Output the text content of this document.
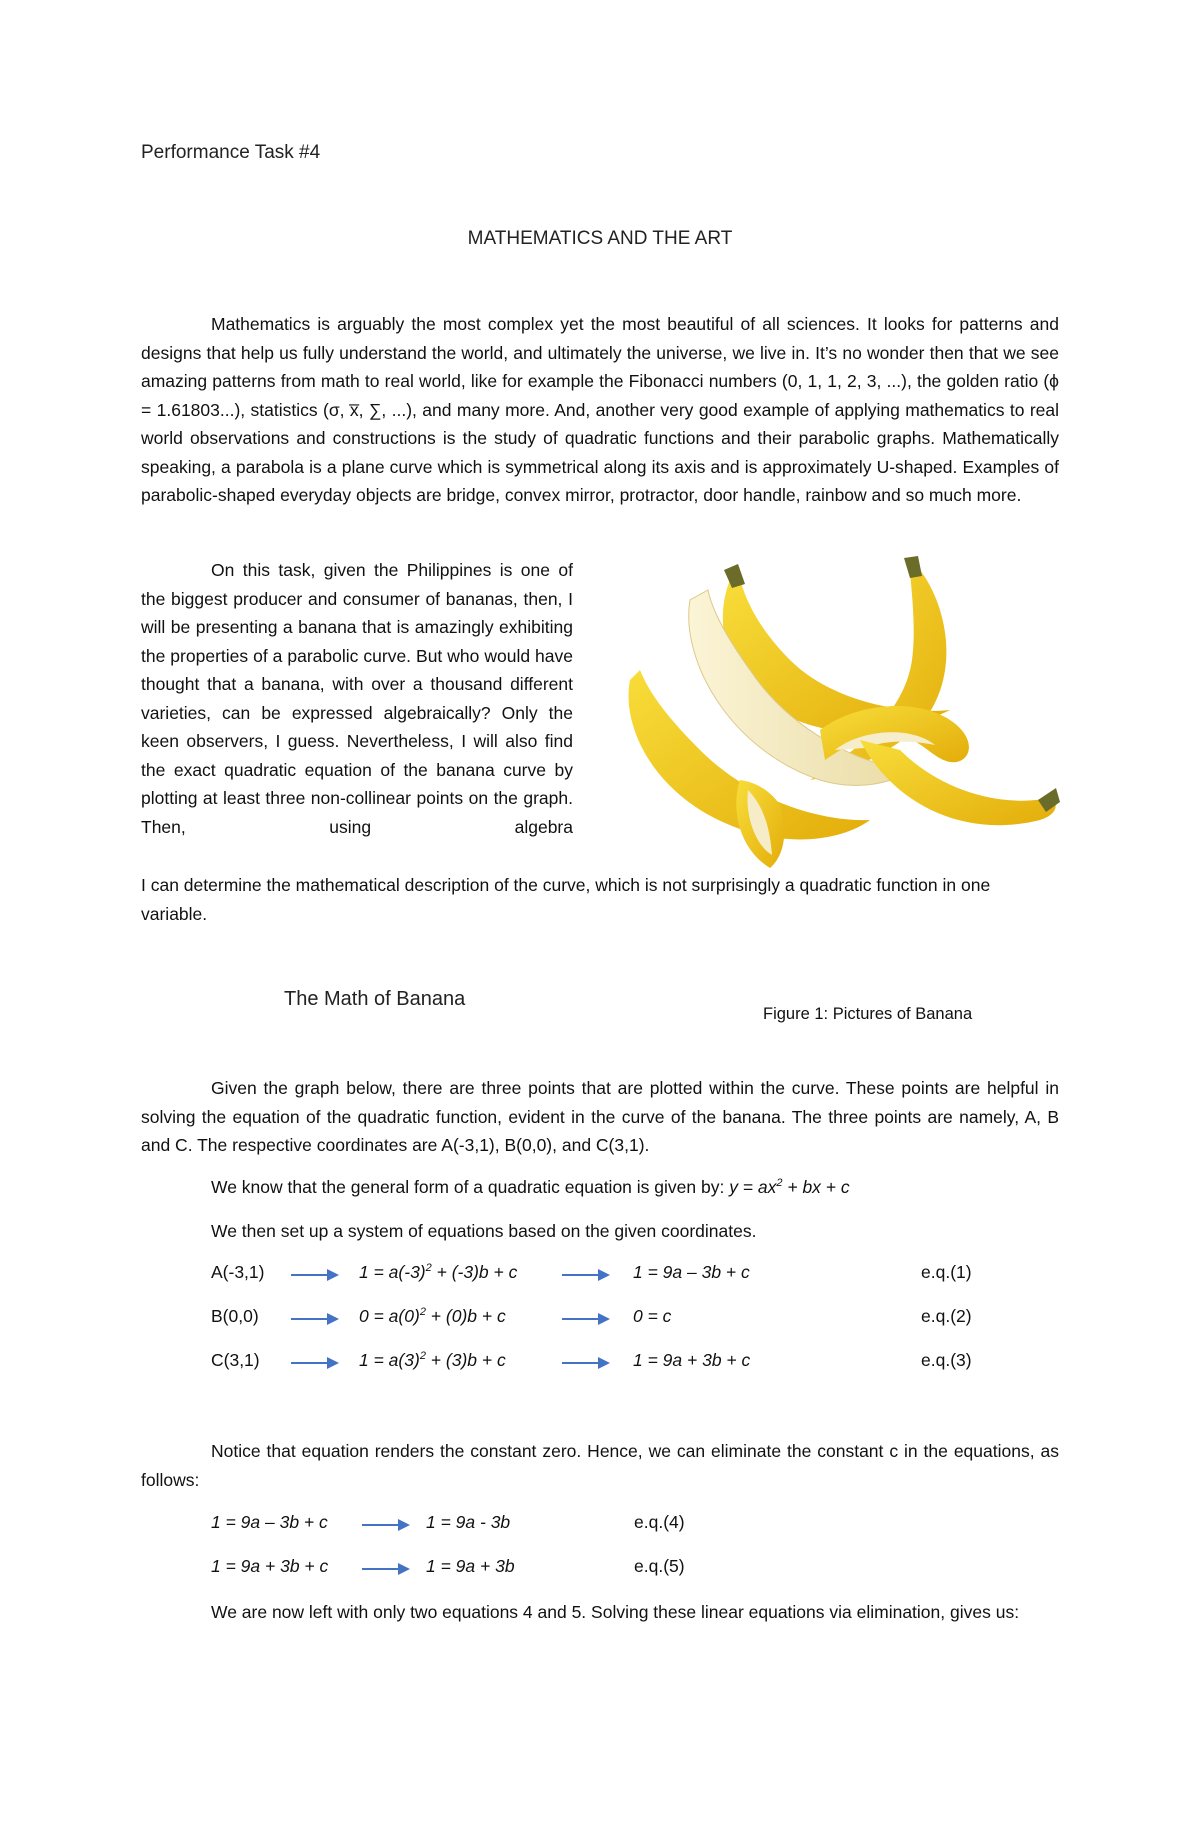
Performance Task #4
MATHEMATICS AND THE ART

Mathematics is arguably the most complex yet the most beautiful of all sciences. It looks for patterns and designs that help us fully understand the world, and ultimately the universe, we live in. It’s no wonder then that we see amazing patterns from math to real world, like for example the Fibonacci numbers (0, 1, 1, 2, 3, ...), the golden ratio (ϕ = 1.61803...), statistics (σ, x̅, ∑, ...), and many more. And, another very good example of applying mathematics to real world observations and constructions is the study of quadratic functions and their parabolic graphs. Mathematically speaking, a parabola is a plane curve which is symmetrical along its axis and is approximately U-shaped. Examples of parabolic-shaped everyday objects are bridge, convex mirror, protractor, door handle, rainbow and so much more.

On this task, given the Philippines is one of the biggest producer and consumer of bananas, then, I will be presenting a banana that is amazingly exhibiting the properties of a parabolic curve. But who would have thought that a banana, with over a thousand different varieties, can be expressed algebraically? Only the keen observers, I guess. Nevertheless, I will also find the exact quadratic equation of the banana curve by plotting at least three non-collinear points on the graph. Then, using algebra

I can determine the mathematical description of the curve, which is not surprisingly a quadratic function in one variable.

The Math of Banana
Figure 1: Pictures of Banana

Given the graph below, there are three points that are plotted within the curve. These points are helpful in solving the equation of the quadratic function, evident in the curve of the banana. The three points are namely, A, B and C. The respective coordinates are A(-3,1), B(0,0), and C(3,1).

We know that the general form of a quadratic equation is given by: $y = ax^2$ + bx + c
We then set up a system of equations based on the given coordinates.
A(-3,1)	$1 = a(-3)^2 + (-3)b + c$	1 = 9a – 3b + c	e.q.(1)
B(0,0)	$0 = a(0)^2 + (0)b + c$	0 = c	e.q.(2)
C(3,1)	$1 = a(3)^2 + (3)b + c$	1 = 9a + 3b + c	e.q.(3)

Notice that equation renders the constant zero. Hence, we can eliminate the constant c in the equations, as follows:

1 = 9a – 3b + c	1 = 9a - 3b	e.q.(4)
1 = 9a + 3b + c	1 = 9a + 3b	e.q.(5)

We are now left with only two equations 4 and 5. Solving these linear equations via elimination, gives us:
